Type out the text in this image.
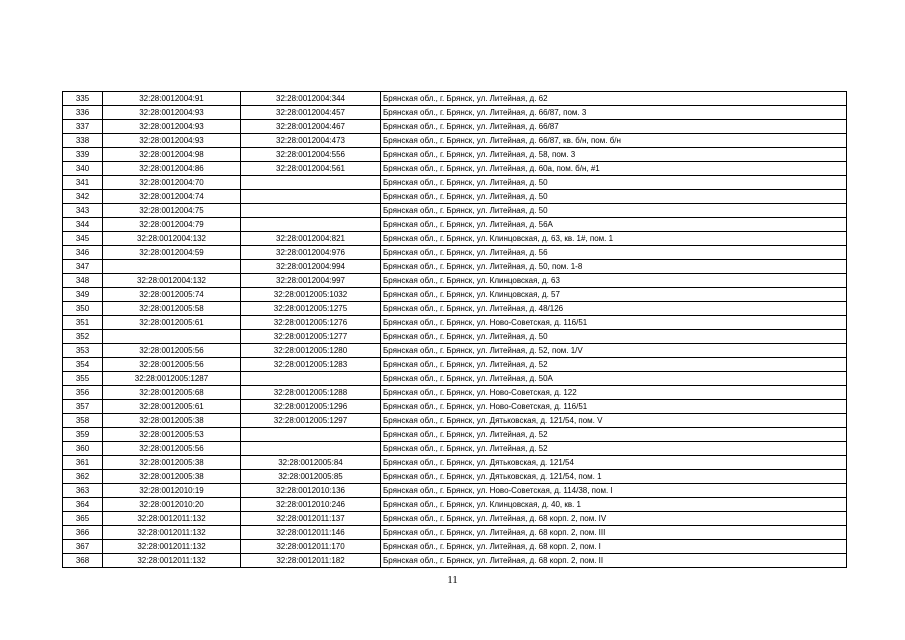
335	32:28:0012004:91	32:28:0012004:344	Брянская обл., г. Брянск, ул. Литейная, д. 62
336	32:28:0012004:93	32:28:0012004:457	Брянская обл., г. Брянск, ул. Литейная, д. 66/87, пом. 3
337	32:28:0012004:93	32:28:0012004:467	Брянская обл., г. Брянск, ул. Литейная, д. 66/87
338	32:28:0012004:93	32:28:0012004:473	Брянская обл., г. Брянск, ул. Литейная, д. 66/87, кв. б/н, пом. б/н
339	32:28:0012004:98	32:28:0012004:556	Брянская обл., г. Брянск, ул. Литейная, д. 58, пом. 3
340	32:28:0012004:86	32:28:0012004:561	Брянская обл., г. Брянск, ул. Литейная, д. 60а, пом. б/н, #1
341	32:28:0012004:70		Брянская обл., г. Брянск, ул. Литейная, д. 50
342	32:28:0012004:74		Брянская обл., г. Брянск, ул. Литейная, д. 50
343	32:28:0012004:75		Брянская обл., г. Брянск, ул. Литейная, д. 50
344	32:28:0012004:79		Брянская обл., г. Брянск, ул. Литейная, д. 56А
345	32:28:0012004:132	32:28:0012004:821	Брянская обл., г. Брянск, ул. Клинцовская, д. 63, кв. 1#, пом. 1
346	32:28:0012004:59	32:28:0012004:976	Брянская обл., г. Брянск, ул. Литейная, д. 56
347		32:28:0012004:994	Брянская обл., г. Брянск, ул. Литейная, д. 50, пом. 1-8
348	32:28:0012004:132	32:28:0012004:997	Брянская обл., г. Брянск, ул. Клинцовская, д. 63
349	32:28:0012005:74	32:28:0012005:1032	Брянская обл., г. Брянск, ул. Клинцовская, д. 57
350	32:28:0012005:58	32:28:0012005:1275	Брянская обл., г. Брянск, ул. Литейная, д. 48/126
351	32:28:0012005:61	32:28:0012005:1276	Брянская обл., г. Брянск, ул. Ново-Советская, д. 116/51
352		32:28:0012005:1277	Брянская обл., г. Брянск, ул. Литейная, д. 50
353	32:28:0012005:56	32:28:0012005:1280	Брянская обл., г. Брянск, ул. Литейная, д. 52, пом. 1/V
354	32:28:0012005:56	32:28:0012005:1283	Брянская обл., г. Брянск, ул. Литейная, д. 52
355	32:28:0012005:1287		Брянская обл., г. Брянск, ул. Литейная, д. 50А
356	32:28:0012005:68	32:28:0012005:1288	Брянская обл., г. Брянск, ул. Ново-Советская, д. 122
357	32:28:0012005:61	32:28:0012005:1296	Брянская обл., г. Брянск, ул. Ново-Советская, д. 116/51
358	32:28:0012005:38	32:28:0012005:1297	Брянская обл., г. Брянск, ул. Дятьковская, д. 121/54, пом. V
359	32:28:0012005:53		Брянская обл., г. Брянск, ул. Литейная, д. 52
360	32:28:0012005:56		Брянская обл., г. Брянск, ул. Литейная, д. 52
361	32:28:0012005:38	32:28:0012005:84	Брянская обл., г. Брянск, ул. Дятьковская, д. 121/54
362	32:28:0012005:38	32:28:0012005:85	Брянская обл., г. Брянск, ул. Дятьковская, д. 121/54, пом. 1
363	32:28:0012010:19	32:28:0012010:136	Брянская обл., г. Брянск, ул. Ново-Советская, д. 114/38, пом. I
364	32:28:0012010:20	32:28:0012010:246	Брянская обл., г. Брянск, ул. Клинцовская, д. 40, кв. 1
365	32:28:0012011:132	32:28:0012011:137	Брянская обл., г. Брянск, ул. Литейная, д. 68 корп. 2, пом. IV
366	32:28:0012011:132	32:28:0012011:146	Брянская обл., г. Брянск, ул. Литейная, д. 68 корп. 2, пом. III
367	32:28:0012011:132	32:28:0012011:170	Брянская обл., г. Брянск, ул. Литейная, д. 68 корп. 2, пом. I
368	32:28:0012011:132	32:28:0012011:182	Брянская обл., г. Брянск, ул. Литейная, д. 68 корп. 2, пом. II
11
